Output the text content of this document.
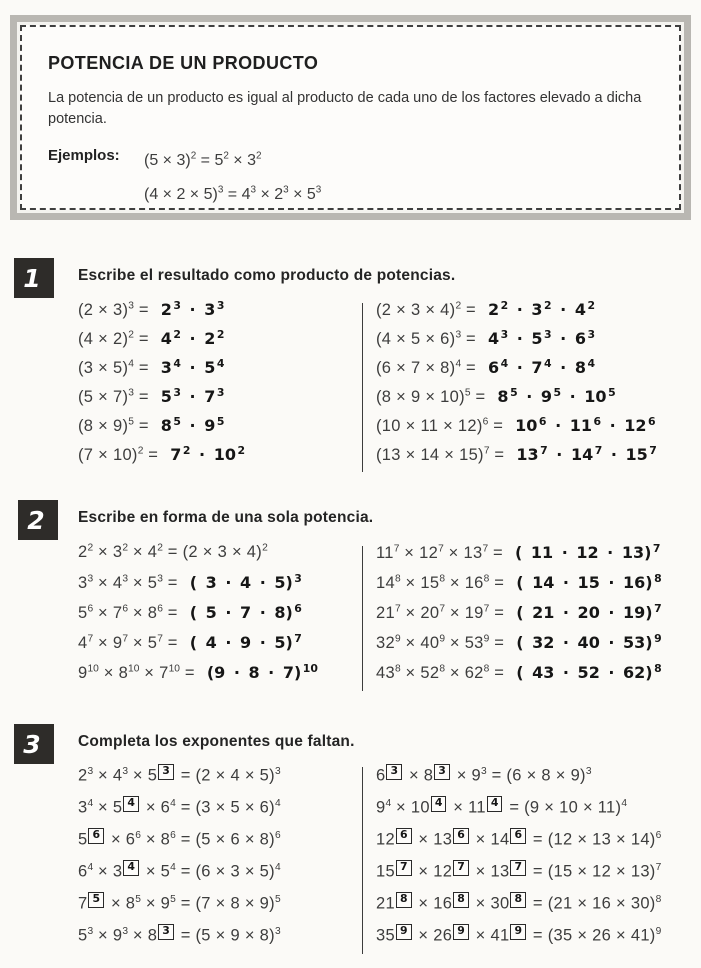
POTENCIA DE UN PRODUCTO

La potencia de un producto es igual al producto de cada uno de los factores elevado a dicha potencia.

Ejemplos:	$(5 \times 3)^2 = 5^2 \times 3^2$
$(4 \times 2 \times 5)^3 = 4^3 \times 2^3 \times 5^3$
1	Escribe el resultado como producto de potencias.

$(2 \times 3)^3 = 2$ $^3$ · 3 $^3$
$(4 \times 2)^2 = 4$ $^2$ · 2 $^2$
$(3 \times 5)^4 = 3$ $^4$ · 5 $^4$
$(5 \times 7)^3 = 5$ $^3$ · 7 $^3$
$(8 \times 9)^5 = 8$ $^5$ · 9 $^5$
$(7 \times 10)^2 = 7$ $^2$ · 10 $^2$
$(2 \times 3 \times 4)^2 = 2$ $^2$ · 3 $^2$ · 4 $^2$
$(4 \times 5 \times 6)^3 = 4$ $^3$ · 5 $^3$ · 6 $^3$
$(6 \times 7 \times 8)^4 = 6$ $^4$ · 7 $^4$ · 8 $^4$
$(8 \times 9 \times 10)^5 = 8$ $^5$ · 9 $^5$ · 10 $^5$
$(10 \times 11 \times 12)^6 = 10$ $^6$ · 11 $^6$ · 12 $^6$
$(13 \times 14 \times 15)^7 = 13$ $^7$ · 14 $^7$ · 15 $^7$
2	Escribe en forma de una sola potencia.

$2^2 \times 3^2 \times 4^2 = (2 \times 3 \times 4)^2$
$3^3 \times 4^3 \times 5^3$ = ( 3 · 4 · 5) $^3$
$5^6 \times 7^6 \times 8^6$ = ( 5 · 7 · 8) $^6$
$4^7 \times 9^7 \times 5^7$ = ( 4 · 9 · 5) $^7$
$9^{10} \times 8^{10} \times 7^{10} = (9 \cdot 8 \cdot 7)$ $^{10}$
$11^7 \times 12^7 \times 13^7$ = ( 11 · 12 · 13) $^7$
$14^8 \times 15^8 \times 16^8$ = ( 14 · 15 · 16) $^8$
$21^7 \times 20^7 \times 19^7$ = ( 21 · 20 · 19) $^7$
$32^9 \times 40^9 \times 53^9$ = ( 32 · 40 · 53) $^9$
$43^8 \times 52^8 \times 62^8$ = ( 43 · 52 · 62) $^8$
3	Completa los exponentes que faltan.

$2^3 \times 4^3 \times 5$ $^3 = (2 \times 4 \times 5)^3$
$3^4 \times 5$ $^4 \times 6^4 = (3 \times 5 \times 6)^4$
5 $^6 \times 6^6 \times 8^6 = (5 \times 6 \times 8)^6$
$6^4 \times 3$ $^4 \times 5^4 = (6 \times 3 \times 5)^4$
7 $^5 \times 8^5 \times 9^5 = (7 \times 8 \times 9)^5$
$5^3 \times 9^3 \times 8$ $^3 = (5 \times 9 \times 8)^3$
6 $^3$ × 8 $^3 \times 9^3 = (6 \times 8 \times 9)^3$
$9^4 \times 10$ $^4$ × 11 $^4 = (9 \times 10 \times 11)^4$
12 $^6$ × 13 $^6$ × 14 $^6 = (12 \times 13 \times 14)^6$
15 $^7$ × 12 $^7$ × 13 $^7 = (15 \times 12 \times 13)^7$
21 $^8$ × 16 $^8$ × 30 $^8 = (21 \times 16 \times 30)^8$
35 $^9$ × 26 $^9$ × 41 $^9 = (35 \times 26 \times 41)^9$
